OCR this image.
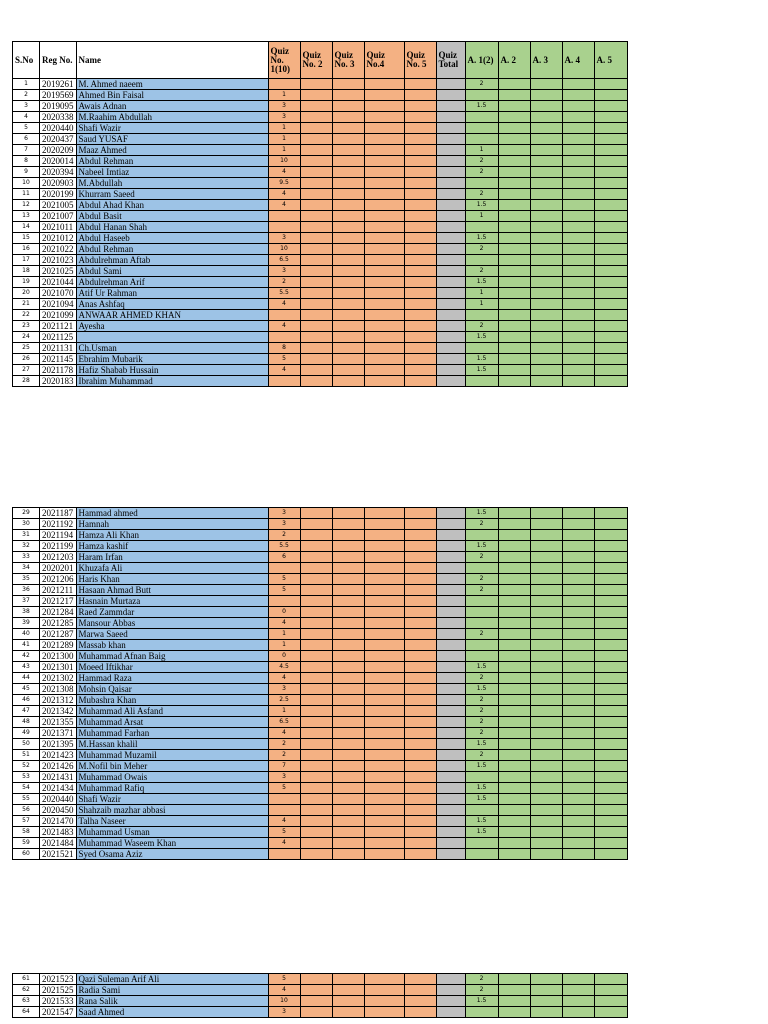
S.No	Reg No.	Name	Quiz No. 1(10)	Quiz No. 2	Quiz No. 3	Quiz No.4	Quiz No. 5	Quiz Total	A. 1(2)	A. 2	A. 3	A. 4	A. 5
1	2019261	M. Ahmed naeem							2				
2	2019569	Ahmed Bin Faisal	1										
3	2019095	Awais Adnan	3						1.5				
4	2020338	M.Raahim Abdullah	3										
5	2020440	Shafi Wazir	1										
6	2020437	Saud YUSAF	1										
7	2020209	Maaz Ahmed	1						1				
8	2020014	Abdul Rehman	10						2				
9	2020394	Nabeel Imtiaz	4						2				
10	2020903	M.Abdullah	9.5										
11	2020199	Khurram Saeed	4						2				
12	2021005	Abdul Ahad Khan	4						1.5				
13	2021007	Abdul Basit							1				
14	2021011	Abdul Hanan Shah											
15	2021012	Abdul Haseeb	3						1.5				
16	2021022	Abdul Rehman	10						2				
17	2021023	Abdulrehman Aftab	6.5										
18	2021025	Abdul Sami	3						2				
19	2021044	Abdulrehman Arif	2						1.5				
20	2021070	Atif Ur Rahman	5.5						1				
21	2021094	Anas Ashfaq	4						1				
22	2021099	ANWAAR AHMED KHAN											
23	2021121	Ayesha	4						2				
24	2021125								1.5				
25	2021131	Ch.Usman	8										
26	2021145	Ebrahim Mubarik	5						1.5				
27	2021178	Hafiz Shabab Hussain	4						1.5				
28	2020183	Ibrahim Muhammad											
29	2021187	Hammad ahmed	3						1.5				
30	2021192	Hamnah	3						2				
31	2021194	Hamza Ali Khan	2										
32	2021199	Hamza kashif	5.5						1.5				
33	2021203	Haram Irfan	6						2				
34	2020201	Khuzafa Ali											
35	2021206	Haris Khan	5						2				
36	2021211	Hasaan Ahmad Butt	5						2				
37	2021217	Hasnain Murtaza											
38	2021284	Raed Zammdar	0										
39	2021285	Mansour Abbas	4										
40	2021287	Marwa Saeed	1						2				
41	2021289	Massab khan	1										
42	2021300	Muhammad Afnan Baig	0										
43	2021301	Moeed Iftikhar	4.5						1.5				
44	2021302	Hammad Raza	4						2				
45	2021308	Mohsin Qaisar	3						1.5				
46	2021312	Mubashra Khan	2.5						2				
47	2021342	Muhammad Ali Asfand	1						2				
48	2021355	Muhammad Arsat	6.5						2				
49	2021371	Muhammad Farhan	4						2				
50	2021395	M.Hassan khalil	2						1.5				
51	2021423	Muhammad Muzamil	2						2				
52	2021426	M.Nofil bin Meher	7						1.5				
53	2021431	Muhammad Owais	3										
54	2021434	Muhammad Rafiq	5						1.5				
55	2020440	Shafi Wazir							1.5				
56	2020450	Shahzaib mazhar abbasi											
57	2021470	Talha Naseer	4						1.5				
58	2021483	Muhammad Usman	5						1.5				
59	2021484	Muhammad Waseem Khan	4										
60	2021521	Syed Osama Aziz											
61	2021523	Qazi Suleman Arif Ali	5						2				
62	2021525	Radia Sami	4						2				
63	2021533	Rana Salik	10						1.5				
64	2021547	Saad Ahmed	3										
